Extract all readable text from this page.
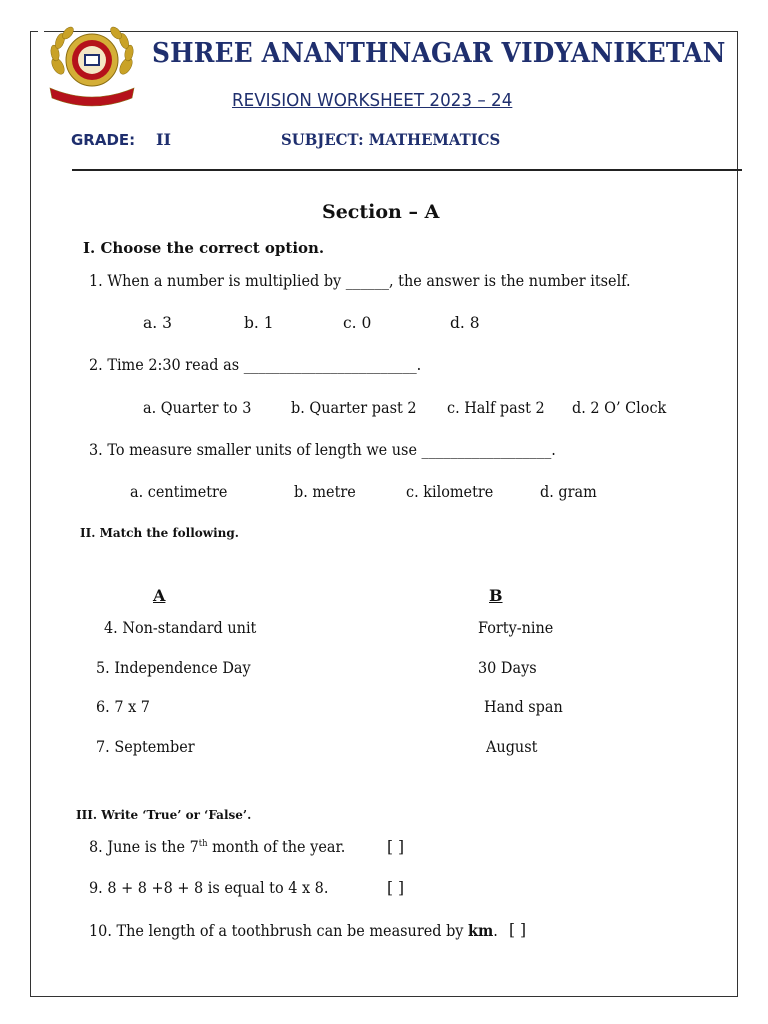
SHREE ANANTHNAGAR VIDYANIKETAN
REVISION WORKSHEET 2023 – 24
GRADE: II	SUBJECT: MATHEMATICS
Section – A
I. Choose the correct option.
1. When a number is multiplied by ______, the answer is the number itself.
a. 3	b. 1	c. 0	d. 8
2. Time 2:30 read as ________________________.
a. Quarter to 3	b. Quarter past 2 c. Half past 2 d. 2 O’ Clock
3. To measure smaller units of length we use __________________.
a. centimetre	b. metre	c. kilometre	d. gram
II. Match the following.
A	B
4. Non-standard unit	Forty-nine
5. Independence Day	30 Days
6. 7 x 7	Hand span
7. September	August
III. Write ‘True’ or ‘False’.
8. June is the 7th month of the year.	[ ]
9. 8 + 8 +8 + 8 is equal to 4 x 8.	[ ]
10. The length of a toothbrush can be measured by km. [ ]
